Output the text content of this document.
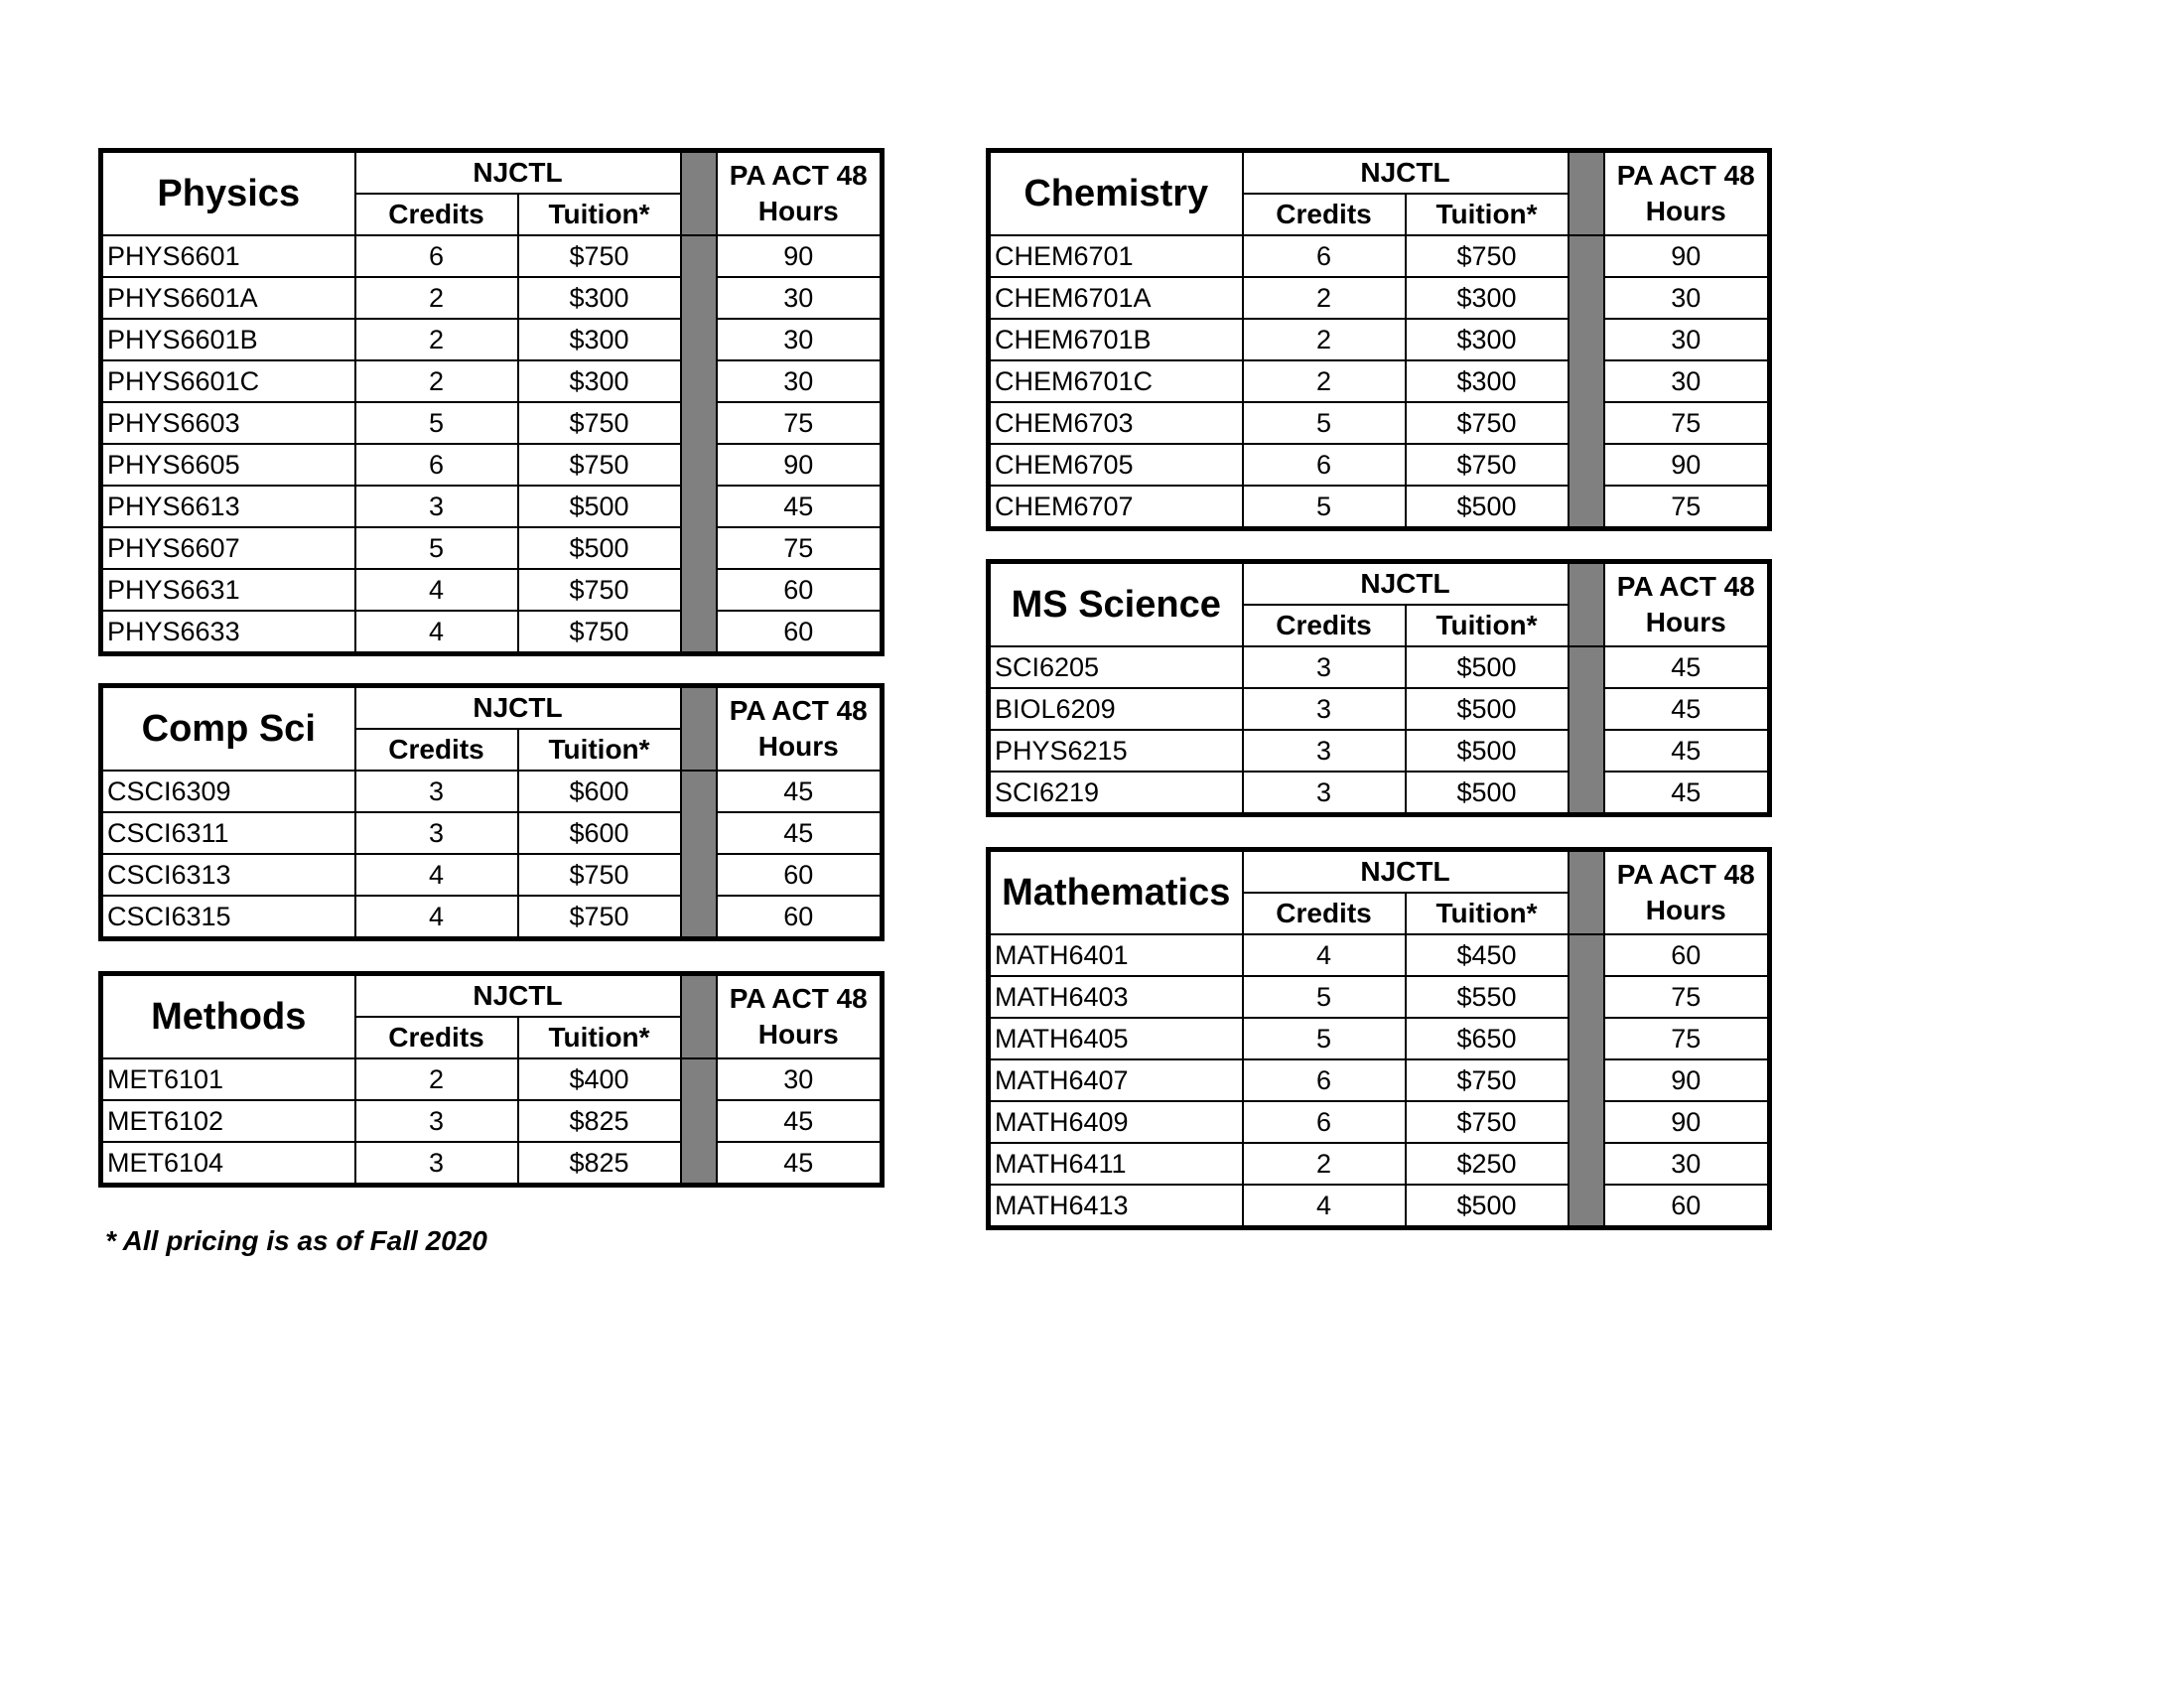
Physics	NJCTL			PA ACT 48
Hours

	Credits	Tuition*		
PHYS6601	6	$750		90
PHYS6601A	2	$300		30
PHYS6601B	2	$300		30
PHYS6601C	2	$300		30
PHYS6603	5	$750		75
PHYS6605	6	$750		90
PHYS6613	3	$500		45
PHYS6607	5	$500		75
PHYS6631	4	$750		60
PHYS6633	4	$750		60
Comp Sci	NJCTL			PA ACT 48
Hours

	Credits	Tuition*		
CSCI6309	3	$600		45
CSCI6311	3	$600		45
CSCI6313	4	$750		60
CSCI6315	4	$750		60
Methods	NJCTL			PA ACT 48
Hours

	Credits	Tuition*		
MET6101	2	$400		30
MET6102	3	$825		45
MET6104	3	$825		45
Chemistry	NJCTL			PA ACT 48
Hours

	Credits	Tuition*		
CHEM6701	6	$750		90
CHEM6701A	2	$300		30
CHEM6701B	2	$300		30
CHEM6701C	2	$300		30
CHEM6703	5	$750		75
CHEM6705	6	$750		90
CHEM6707	5	$500		75
MS Science	NJCTL			PA ACT 48
Hours

	Credits	Tuition*		
SCI6205	3	$500		45
BIOL6209	3	$500		45
PHYS6215	3	$500		45
SCI6219	3	$500		45
Mathematics	NJCTL			PA ACT 48
Hours

	Credits	Tuition*		
MATH6401	4	$450		60
MATH6403	5	$550		75
MATH6405	5	$650		75
MATH6407	6	$750		90
MATH6409	6	$750		90
MATH6411	2	$250		30
MATH6413	4	$500		60
* All pricing is as of Fall 2020
